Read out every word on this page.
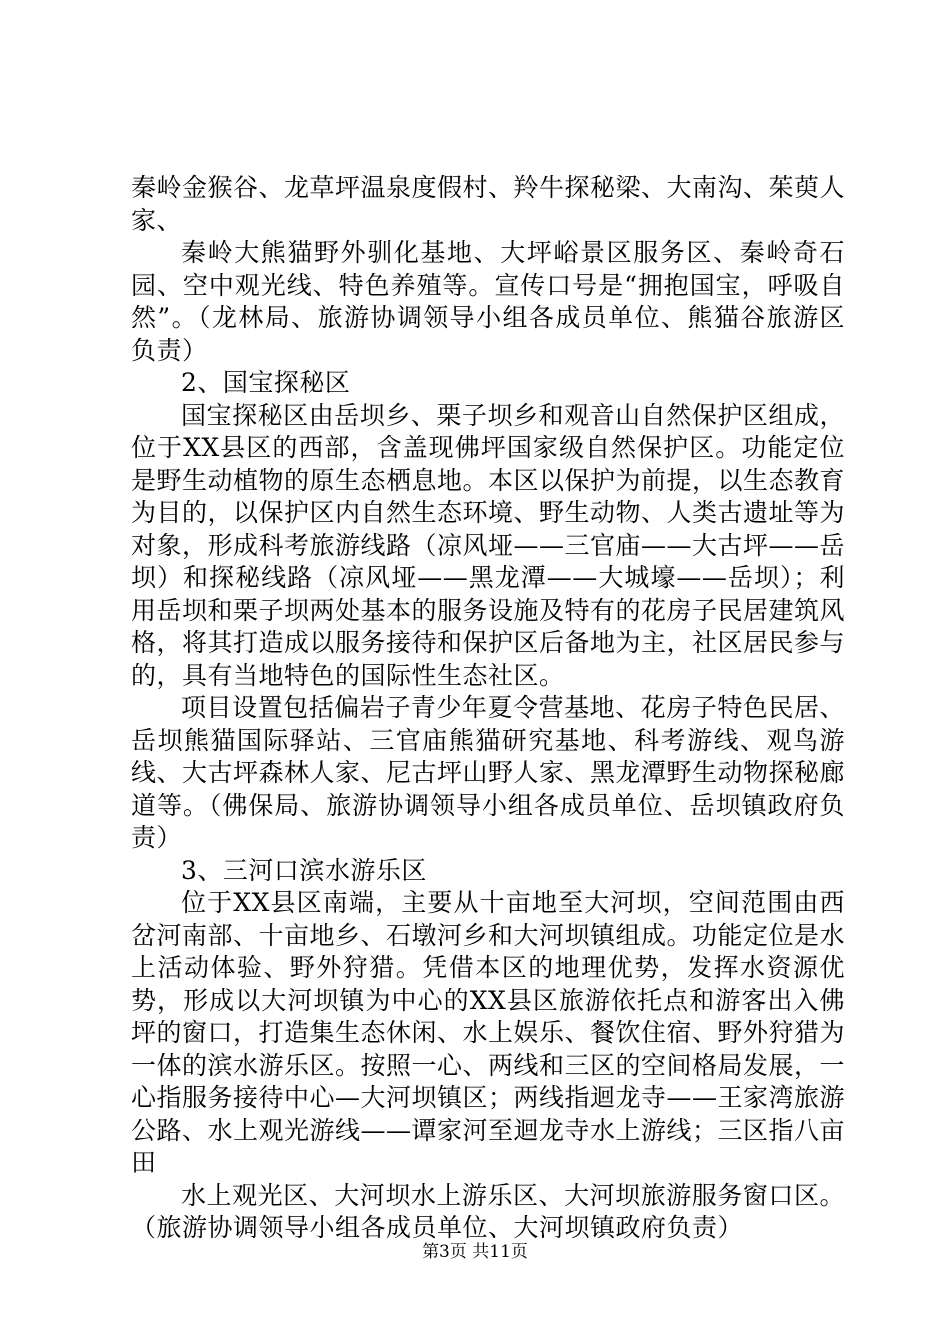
秦岭金猴谷、龙草坪温泉度假村、羚牛探秘梁、大南沟、茱萸人家、

秦岭大熊猫野外驯化基地、大坪峪景区服务区、秦岭奇石园、空中观光线、特色养殖等。宣传口号是“拥抱国宝，呼吸自然”。（龙林局、旅游协调领导小组各成员单位、熊猫谷旅游区负责）

2、国宝探秘区

国宝探秘区由岳坝乡、栗子坝乡和观音山自然保护区组成，位于XX县区的西部，含盖现佛坪国家级自然保护区。功能定位是野生动植物的原生态栖息地。本区以保护为前提，以生态教育为目的，以保护区内自然生态环境、野生动物、人类古遗址等为对象，形成科考旅游线路（凉风垭——三官庙——大古坪——岳坝）和探秘线路（凉风垭——黑龙潭——大城壕——岳坝）；利用岳坝和栗子坝两处基本的服务设施及特有的花房子民居建筑风格，将其打造成以服务接待和保护区后备地为主，社区居民参与的，具有当地特色的国际性生态社区。

项目设置包括偏岩子青少年夏令营基地、花房子特色民居、岳坝熊猫国际驿站、三官庙熊猫研究基地、科考游线、观鸟游线、大古坪森林人家、尼古坪山野人家、黑龙潭野生动物探秘廊道等。（佛保局、旅游协调领导小组各成员单位、岳坝镇政府负责）

3、三河口滨水游乐区

位于XX县区南端，主要从十亩地至大河坝，空间范围由西岔河南部、十亩地乡、石墩河乡和大河坝镇组成。功能定位是水上活动体验、野外狩猎。凭借本区的地理优势，发挥水资源优势，形成以大河坝镇为中心的XX县区旅游依托点和游客出入佛坪的窗口，打造集生态休闲、水上娱乐、餐饮住宿、野外狩猎为一体的滨水游乐区。按照一心、两线和三区的空间格局发展，一心指服务接待中心—大河坝镇区；两线指迴龙寺——王家湾旅游公路、水上观光游线——谭家河至迴龙寺水上游线；三区指八亩田

水上观光区、大河坝水上游乐区、大河坝旅游服务窗口区。（旅游协调领导小组各成员单位、大河坝镇政府负责）

第3页 共11页
